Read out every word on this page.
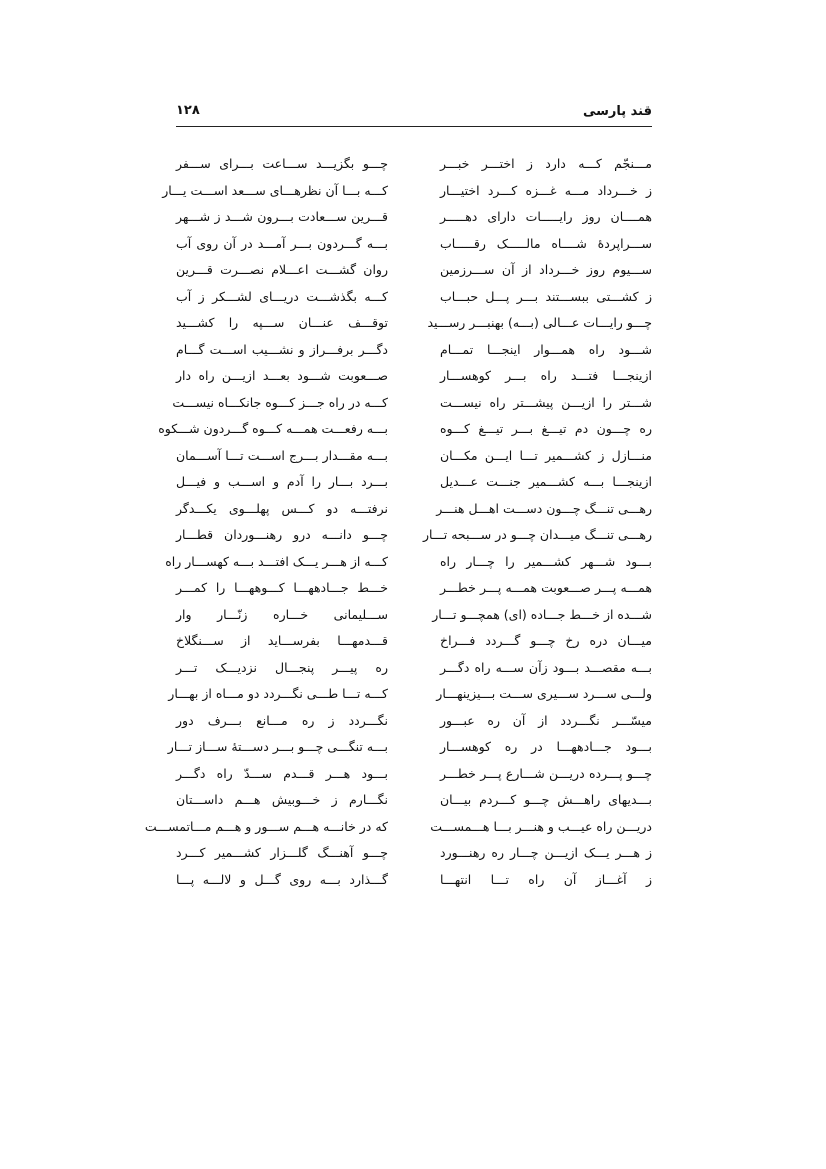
قند پارسی
۱۲۸
مـــنجّم کـــه دارد ز اختـــر خبـــر
چـــو بگزیـــد ســـاعت بـــرای ســـفر
ز خـــرداد مـــه غـــزه کـــرد اختیـــار
کـــه بـــا آن نظرهـــای ســـعد اســـت یـــار
همــــان روز رایـــــات دارای دهـــــر
قـــرین ســـعادت بـــرون شـــد ز شـــهر
ســـراپردهٔ شــــاه مالـــــک رقـــــاب
بـــه گـــردون بـــر آمـــد در آن روی آب
ســـیوم روز خـــرداد از آن ســـرزمین
روان گشـــت اعـــلام نصـــرت قـــرین
ز کشـــتی ببســـتند بـــر پـــل حبـــاب
کـــه بگذشـــت دریـــای لشـــکر ز آب
چـــو رایـــات عـــالی (بـــه) بهنبـــر رســـید
توقـــف عنـــان ســـپه را کشـــید
شـــود راه همـــوار اینجـــا تمـــام
دگـــر برفـــراز و نشـــیب اســـت گـــام
ازینجـــا فتـــد راه بـــر کوهســـار
صـــعوبت شـــود بعـــد ازیـــن راه دار
شـــتر را ازیـــن پیشـــتر راه نیســـت
کـــه در راه جـــز کـــوه جانکـــاه نیســـت
ره چـــون دم تیـــغ بـــر تیـــغ کـــوه
بـــه رفعـــت همـــه کـــوه گـــردون شـــکوه
منـــازل ز کشـــمیر تـــا ایـــن مکـــان
بـــه مقـــدار بـــرج اســـت تـــا آســـمان
ازینجـــا بـــه کشـــمیر جنـــت عـــدیل
بـــرد بـــار را آدم و اســـب و فیـــل
رهـــی تنـــگ چـــون دســـت اهـــل هنـــر
نرفتـــه دو کـــس پهلـــوی یکـــدگر
رهـــی تنـــگ میـــدان چـــو در ســـبحه تـــار
چـــو دانـــه درو رهنـــوردان قطـــار
بـــود شـــهر کشـــمیر را چـــار راه
کـــه از هـــر یـــک افتـــد بـــه کهســـار راه
همـــه پـــر صـــعوبت همـــه پـــر خطـــر
خـــط جـــادههـــا کـــوههـــا را کمـــر
شـــده از خـــط جـــاده (ای) همچـــو تـــار
ســـلیمانی خـــاره زنّـــار وار
میـــان دره رخ چـــو گـــردد فـــراخ
قـــدمهـــا بفرســـاید از ســـنگلاخ
بـــه مقصـــد بـــود زآن ســـه راه دگـــر
ره پیـــر پنجـــال نزدیـــک تـــر
ولـــی ســـرد ســـیری ســـت بـــیزینهـــار
کـــه تـــا طـــی نگـــردد دو مـــاه از بهـــار
میسّـــر نگـــردد از آن ره عبـــور
نگـــردد ز ره مـــانع بـــرف دور
بـــود جـــادههـــا در ره کوهســـار
بـــه تنگـــی چـــو بـــر دســـتهٔ ســـاز تـــار
چـــو پـــرده دریـــن شـــارع پـــر خطـــر
بـــود هـــر قـــدم ســـدّ راه دگـــر
بـــدیهای راهـــش چـــو کـــردم بیـــان
نگـــارم ز خـــوبیش هـــم داســـتان
دریـــن راه عیـــب و هنـــر بـــا هـــمســـت
که در خانـــه هـــم ســـور و هـــم مـــاتمســـت
ز هـــر یـــک ازیـــن چـــار ره رهنـــورد
چـــو آهنـــگ گلـــزار کشـــمیر کـــرد
ز آغـــاز آن راه تـــا انتهـــا
گـــذارد بـــه روی گـــل و لالـــه پـــا
